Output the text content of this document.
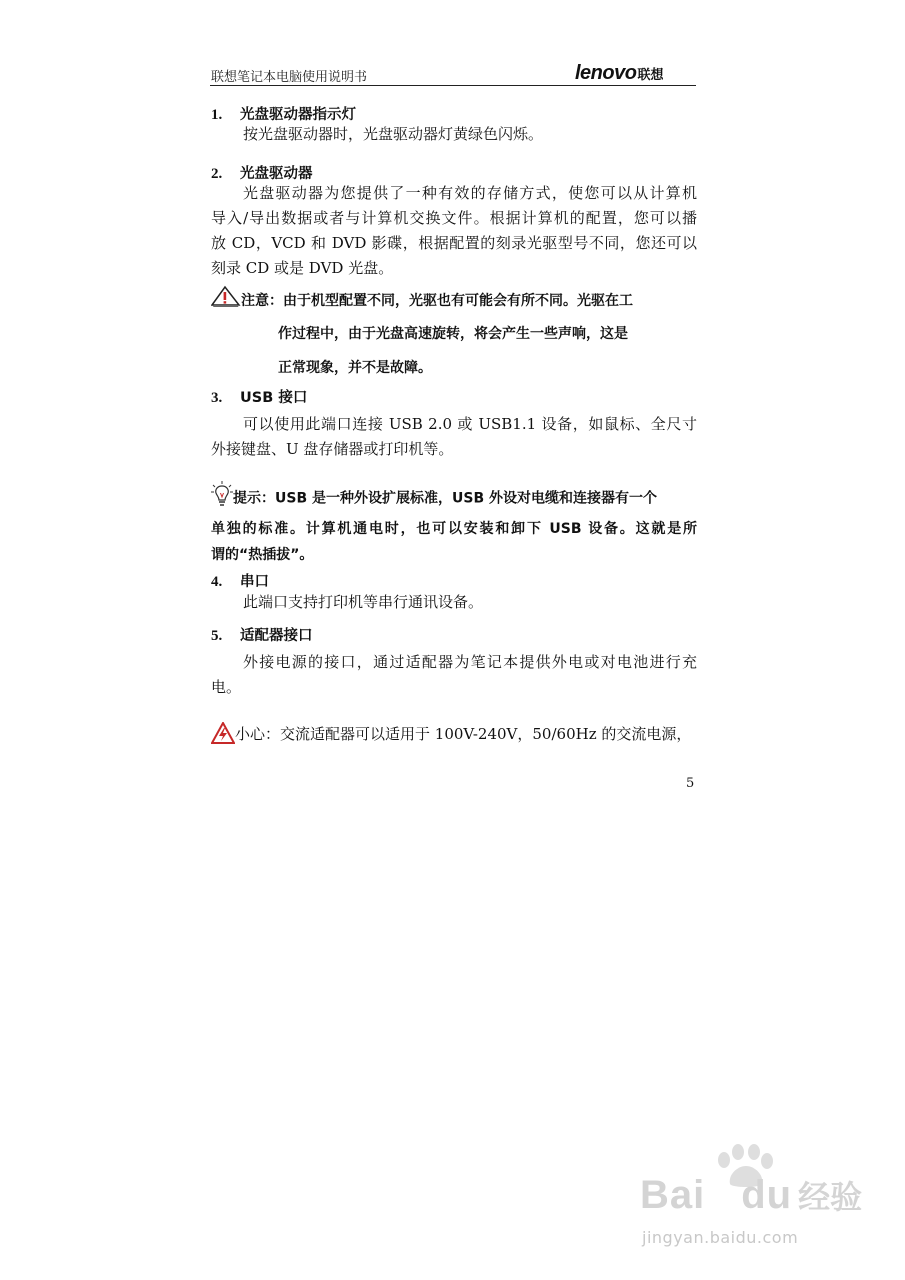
联想笔记本电脑使用说明书	lenovo联想
1. 光盘驱动器指示灯
按光盘驱动器时，光盘驱动器灯黄绿色闪烁。
2. 光盘驱动器
光盘驱动器为您提供了一种有效的存储方式，使您可以从计算机
导入/导出数据或者与计算机交换文件。根据计算机的配置，您可以播
放 CD，VCD 和 DVD 影碟，根据配置的刻录光驱型号不同，您还可以
刻录 CD 或是 DVD 光盘。
注意：由于机型配置不同，光驱也有可能会有所不同。光驱在工
作过程中，由于光盘高速旋转，将会产生一些声响，这是
正常现象，并不是故障。
3. USB 接口
可以使用此端口连接 USB 2.0 或 USB1.1 设备，如鼠标、全尺寸
外接键盘、U 盘存储器或打印机等。
提示：USB 是一种外设扩展标准，USB 外设对电缆和连接器有一个
单独的标准。计算机通电时，也可以安装和卸下 USB 设备。这就是所
谓的“热插拔”。
4. 串口
此端口支持打印机等串行通讯设备。
5. 适配器接口
外接电源的接口，通过适配器为笔记本提供外电或对电池进行充
电。
小心：交流适配器可以适用于 100V-240V，50/60Hz 的交流电源，
5
Bai du 经验
jingyan.baidu.com
